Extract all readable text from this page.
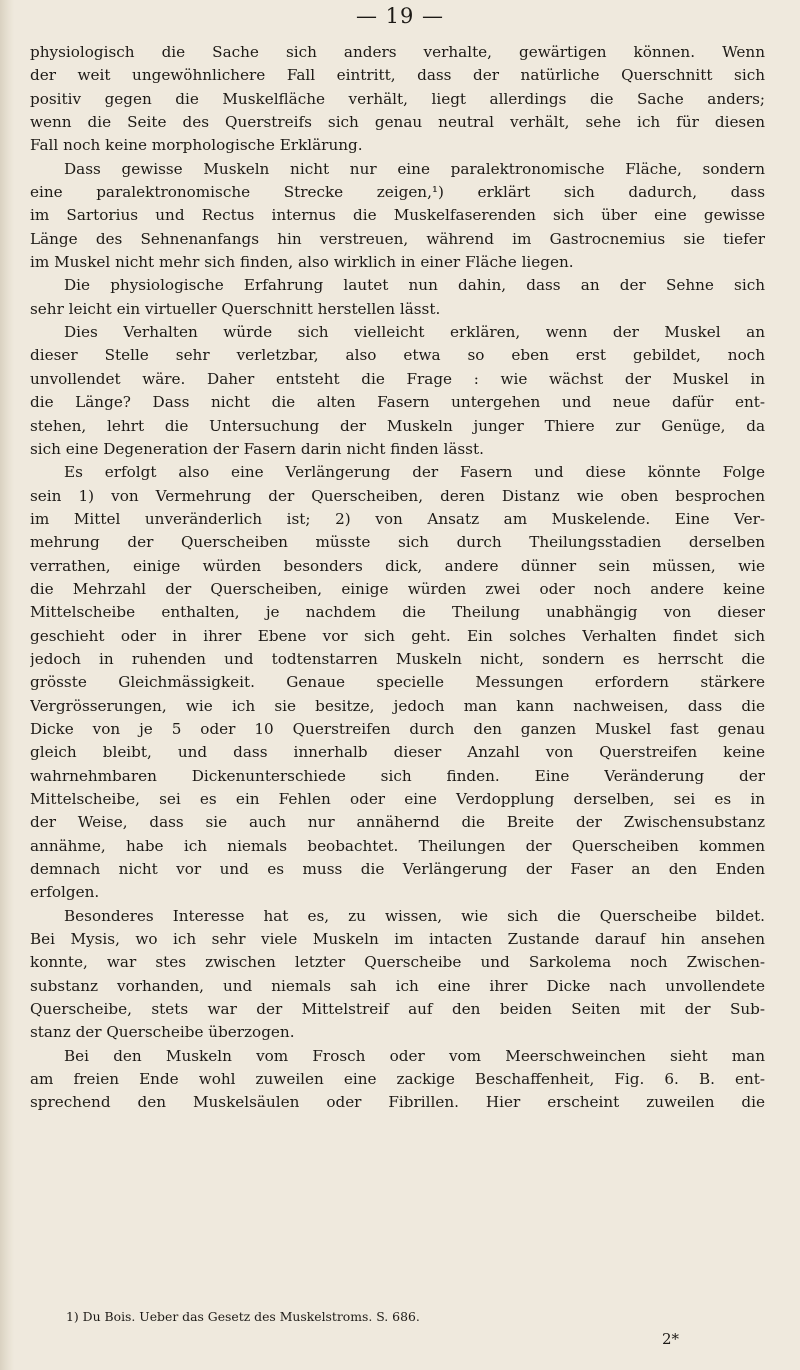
— 19 —
physiologisch die Sache sich anders verhalte, gewärtigen können. Wenn
der weit ungewöhnlichere Fall eintritt, dass der natürliche Querschnitt sich
positiv gegen die Muskelfläche verhält, liegt allerdings die Sache anders;
wenn die Seite des Querstreifs sich genau neutral verhält, sehe ich für diesen
Fall noch keine morphologische Erklärung.
Dass gewisse Muskeln nicht nur eine paralektronomische Fläche, sondern
eine paralektronomische Strecke zeigen,¹) erklärt sich dadurch, dass
im Sartorius und Rectus internus die Muskelfaserenden sich über eine gewisse
Länge des Sehnenanfangs hin verstreuen, während im Gastrocnemius sie tiefer
im Muskel nicht mehr sich finden, also wirklich in einer Fläche liegen.
Die physiologische Erfahrung lautet nun dahin, dass an der Sehne sich
sehr leicht ein virtueller Querschnitt herstellen lässt.
Dies Verhalten würde sich vielleicht erklären, wenn der Muskel an
dieser Stelle sehr verletzbar, also etwa so eben erst gebildet, noch
unvollendet wäre. Daher entsteht die Frage : wie wächst der Muskel in
die Länge? Dass nicht die alten Fasern untergehen und neue dafür ent-
stehen, lehrt die Untersuchung der Muskeln junger Thiere zur Genüge, da
sich eine Degeneration der Fasern darin nicht finden lässt.
Es erfolgt also eine Verlängerung der Fasern und diese könnte Folge
sein 1) von Vermehrung der Querscheiben, deren Distanz wie oben besprochen
im Mittel unveränderlich ist; 2) von Ansatz am Muskelende. Eine Ver-
mehrung der Querscheiben müsste sich durch Theilungsstadien derselben
verrathen, einige würden besonders dick, andere dünner sein müssen, wie
die Mehrzahl der Querscheiben, einige würden zwei oder noch andere keine
Mittelscheibe enthalten, je nachdem die Theilung unabhängig von dieser
geschieht oder in ihrer Ebene vor sich geht. Ein solches Verhalten findet sich
jedoch in ruhenden und todtenstarren Muskeln nicht, sondern es herrscht die
grösste Gleichmässigkeit. Genaue specielle Messungen erfordern stärkere
Vergrösserungen, wie ich sie besitze, jedoch man kann nachweisen, dass die
Dicke von je 5 oder 10 Querstreifen durch den ganzen Muskel fast genau
gleich bleibt, und dass innerhalb dieser Anzahl von Querstreifen keine
wahrnehmbaren Dickenunterschiede sich finden. Eine Veränderung der
Mittelscheibe, sei es ein Fehlen oder eine Verdopplung derselben, sei es in
der Weise, dass sie auch nur annähernd die Breite der Zwischensubstanz
annähme, habe ich niemals beobachtet. Theilungen der Querscheiben kommen
demnach nicht vor und es muss die Verlängerung der Faser an den Enden
erfolgen.
Besonderes Interesse hat es, zu wissen, wie sich die Querscheibe bildet.
Bei Mysis, wo ich sehr viele Muskeln im intacten Zustande darauf hin ansehen
konnte, war stes zwischen letzter Querscheibe und Sarkolema noch Zwischen-
substanz vorhanden, und niemals sah ich eine ihrer Dicke nach unvollendete
Querscheibe, stets war der Mittelstreif auf den beiden Seiten mit der Sub-
stanz der Querscheibe überzogen.
Bei den Muskeln vom Frosch oder vom Meerschweinchen sieht man
am freien Ende wohl zuweilen eine zackige Beschaffenheit, Fig. 6. B. ent-
sprechend den Muskelsäulen oder Fibrillen. Hier erscheint zuweilen die
1) Du Bois. Ueber das Gesetz des Muskelstroms. S. 686.
2*
